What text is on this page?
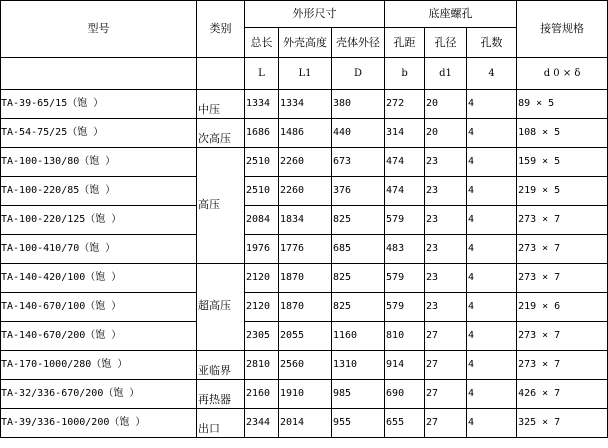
型号	类别	外形尺寸			底座螺孔			接管规格
		总长	外壳高度	壳体外径	孔距	孔径	孔数	
		L	L1	D	b	d1	4	d 0 × δ
TA-39-65/15（饱 ）	中压	1334	1334	380	272	20	4	89 × 5
TA-54-75/25（饱 ）	次高压	1686	1486	440	314	20	4	108 × 5
TA-100-130/80（饱 ）	高压	2510	2260	673	474	23	4	159 × 5
TA-100-220/85（饱 ）		2510	2260	376	474	23	4	219 × 5
TA-100-220/125（饱 ）		2084	1834	825	579	23	4	273 × 7
TA-100-410/70（饱 ）		1976	1776	685	483	23	4	273 × 7
TA-140-420/100（饱 ）	超高压	2120	1870	825	579	23	4	273 × 7
TA-140-670/100（饱 ）		2120	1870	825	579	23	4	219 × 6
TA-140-670/200（饱 ）		2305	2055	1160	810	27	4	273 × 7
TA-170-1000/280（饱 ）	亚临界	2810	2560	1310	914	27	4	273 × 7
TA-32/336-670/200（饱 ）	再热器	2160	1910	985	690	27	4	426 × 7
TA-39/336-1000/200（饱 ）	出口	2344	2014	955	655	27	4	325 × 7
